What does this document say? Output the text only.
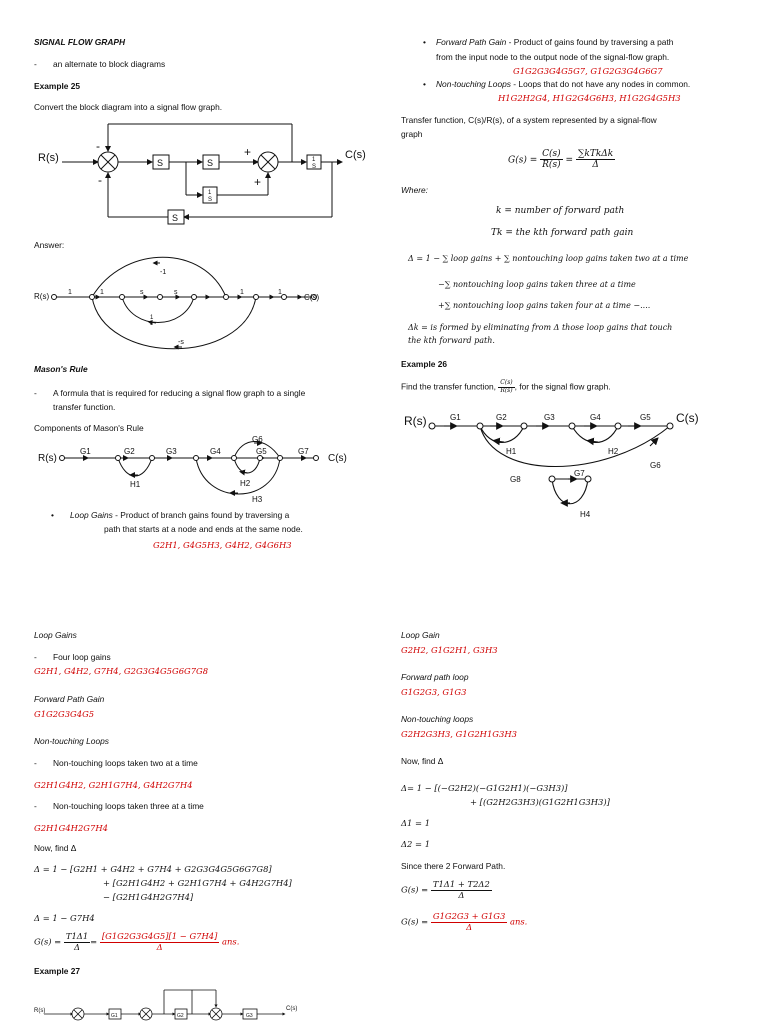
SIGNAL FLOW GRAPH
- an alternate to block diagrams
Example 25
Convert the block diagram into a signal flow graph.
R(s)	C(s)
S	S	1
S
1
S
S
-
-
+
+
Answer:
R(s)	C(s)
1	1	s	s	1	1
-1
1
s
-s
Mason's Rule
- A formula that is required for reducing a signal flow graph to a single
transfer function.
Components of Mason's Rule
R(s)	C(s)
G1	G2	G3	G4
G6
G5	G7
H1	H2
H3
• Loop Gains - Product of branch gains found by traversing a
path that starts at a node and ends at the same node.
G2H1, G4G5H3, G4H2, G4G6H3
• Forward Path Gain - Product of gains found by traversing a path
from the input node to the output node of the signal-flow graph.
G1G2G3G4G5G7, G1G2G3G4G6G7
• Non-touching Loops - Loops that do not have any nodes in common.
H1G2H2G4, H1G2G4G6H3, H1G2G4G5H3
Transfer function, C(s)/R(s), of a system represented by a signal-flow
graph
$G(s) = \frac{C(s)}{R(s)} = \frac{\text{∑kTkΔk}}{\Delta}$
Where:
k = number of forward path
Tk = the kth forward path gain
Δ = 1 − ∑ loop gains + ∑ nontouching loop gains taken two at a time
−∑ nontouching loop gains taken three at a time
+∑ nontouching loop gains taken four at a time −....
Δk = is formed by eliminating from Δ those loop gains that touch
the kth forward path.
Example 26
Find the transfer function, $\frac{C(s)}{R(s)}$ , for the signal flow graph.
R(s)	C(s)
G1	G2	G3	G4	G5
G6
G7
G8
H1	H2
H4
Loop Gains
- Four loop gains
G2H1, G4H2, G7H4, G2G3G4G5G6G7G8
Forward Path Gain
G1G2G3G4G5
Non-touching Loops
- Non-touching loops taken two at a time
G2H1G4H2, G2H1G7H4, G4H2G7H4
- Non-touching loops taken three at a time
G2H1G4H2G7H4
Now, find Δ
Δ = 1 − [G2H1 + G4H2 + G7H4 + G2G3G4G5G6G7G8]
+ [G2H1G4H2 + G2H1G7H4 + G4H2G7H4]
− [G2H1G4H2G7H4]
Δ = 1 − G7H4
$G(s) = \frac{T1\Delta 1}{\Delta} = \frac{[G1G2G3G4G5][1 - G7H4]}{\Delta}$ ans.
Example 27
R(s)	C(s)
G1	G2	G3
Loop Gain
G2H2, G1G2H1, G3H3
Forward path loop
G1G2G3, G1G3
Non-touching loops
G2H2G3H3, G1G2H1G3H3
Now, find Δ
Δ= 1 − [(−G2H2)(−G1G2H1)(−G3H3)]
+ [(G2H2G3H3)(G1G2H1G3H3)]
Δ1 = 1
Δ2 = 1
Since there 2 Forward Path.
$G(s) = \frac{T1\Delta 1 + T2\Delta 2}{\Delta}$
$G(s) = \frac{G1G2G3 + G1G3}{\Delta}$ ans.
